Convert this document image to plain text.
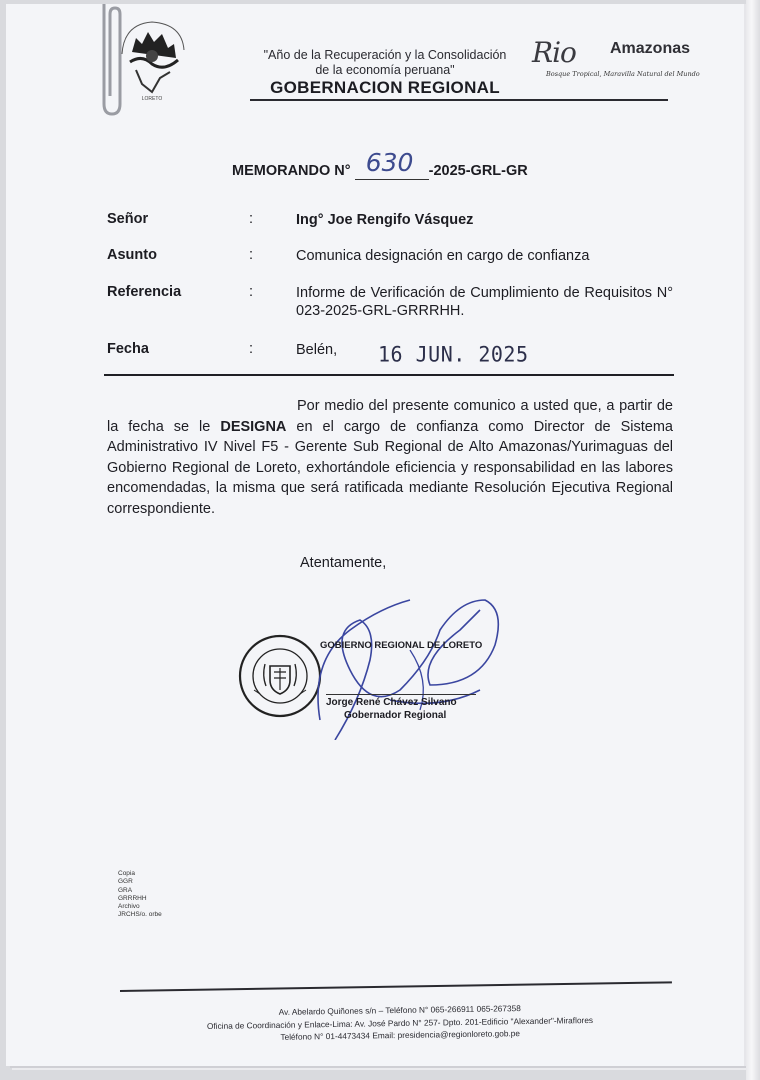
LORETO
"Año de la Recuperación y la Consolidación
de la economía peruana"
GOBERNACION REGIONAL
Rio Amazonas
Bosque Tropical, Maravilla Natural del Mundo
MEMORANDO N° 630 -2025-GRL-GR
Señor	:	Ing° Joe Rengifo Vásquez
Asunto	:	Comunica designación en cargo de confianza
Referencia	:	Informe de Verificación de Cumplimiento de Requisitos N° 023-2025-GRL-GRRRHH.
Fecha	:	Belén,	16 JUN. 2025
Por medio del presente comunico a usted que, a partir de la fecha se le DESIGNA en el cargo de confianza como Director de Sistema Administrativo IV Nivel F5 - Gerente Sub Regional de Alto Amazonas/Yurimaguas del Gobierno Regional de Loreto, exhortándole eficiencia y responsabilidad en las labores encomendadas, la misma que será ratificada mediante Resolución Ejecutiva Regional correspondiente.
Atentamente,
GOBIERNO REGIONAL DE LORETO
Jorge René Chávez Silvano
Gobernador Regional
Copia
GGR
GRA
GRRRHH
Archivo
JRCHS/o. orbe
Av. Abelardo Quiñones s/n – Teléfono N° 065-266911 065-267358
Oficina de Coordinación y Enlace-Lima: Av. José Pardo N° 257- Dpto. 201-Edificio "Alexander"-Miraflores
Teléfono N° 01-4473434 Email: presidencia@regionloreto.gob.pe
